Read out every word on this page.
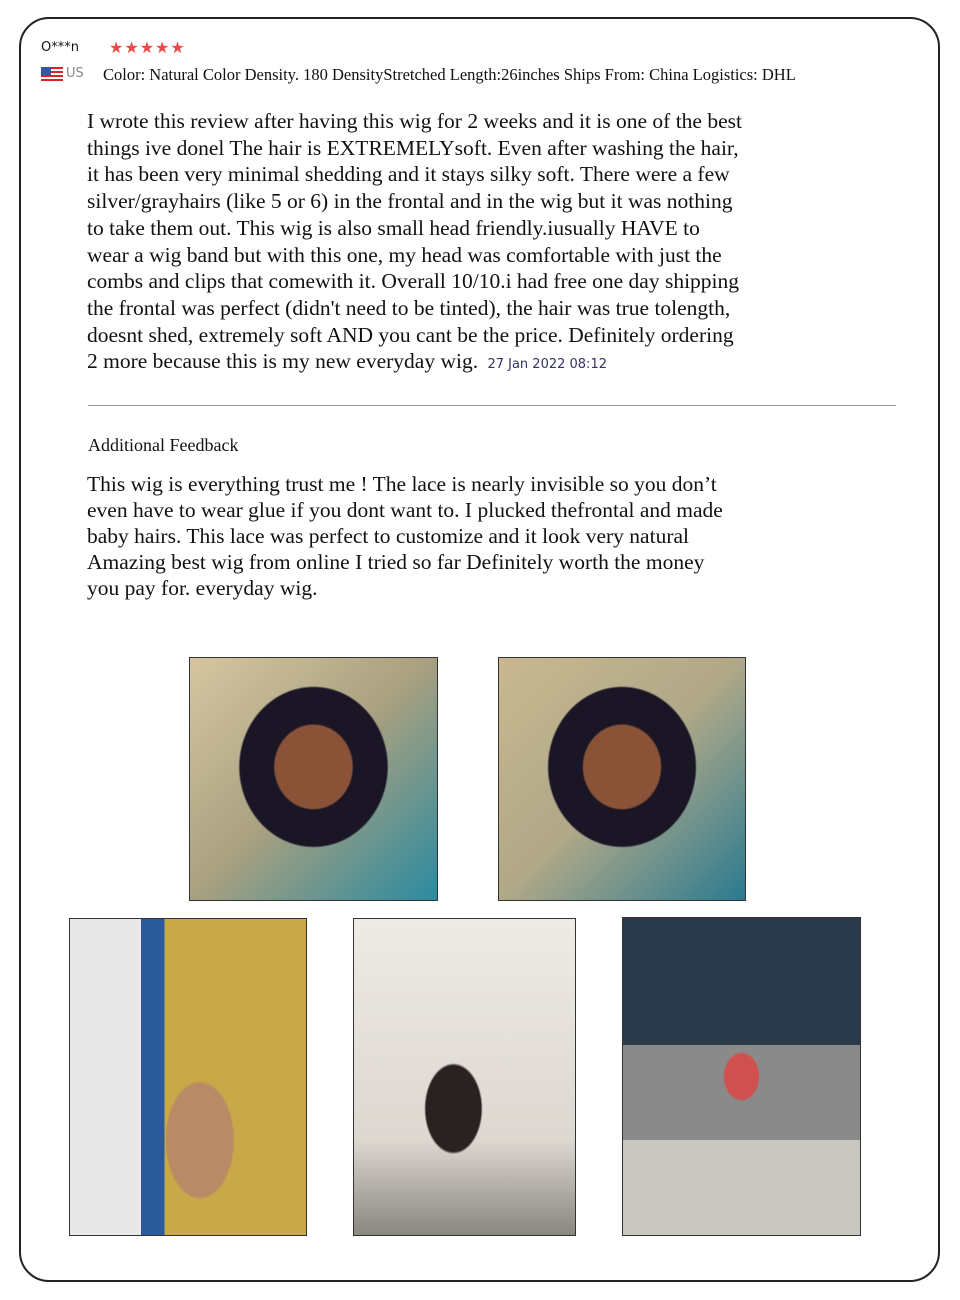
O***n ★★★★★
US Color: Natural Color Density. 180 DensityStretched Length:26inches Ships From: China Logistics: DHL
I wrote this review after having this wig for 2 weeks and it is one of the best
things ive donel The hair is EXTREMELYsoft. Even after washing the hair,
it has been very minimal shedding and it stays silky soft. There were a few
silver/grayhairs (like 5 or 6) in the frontal and in the wig but it was nothing
to take them out. This wig is also small head friendly.iusually HAVE to
wear a wig band but with this one, my head was comfortable with just the
combs and clips that comewith it. Overall 10/10.i had free one day shipping
the frontal was perfect (didn't need to be tinted), the hair was true tolength,
doesnt shed, extremely soft AND you cant be the price. Definitely ordering
2 more because this is my new everyday wig. 27 Jan 2022 08:12
Additional Feedback
This wig is everything trust me ! The lace is nearly invisible so you don’t
even have to wear glue if you dont want to. I plucked thefrontal and made
baby hairs. This lace was perfect to customize and it look very natural
Amazing best wig from online I tried so far Definitely worth the money
you pay for. everyday wig.
